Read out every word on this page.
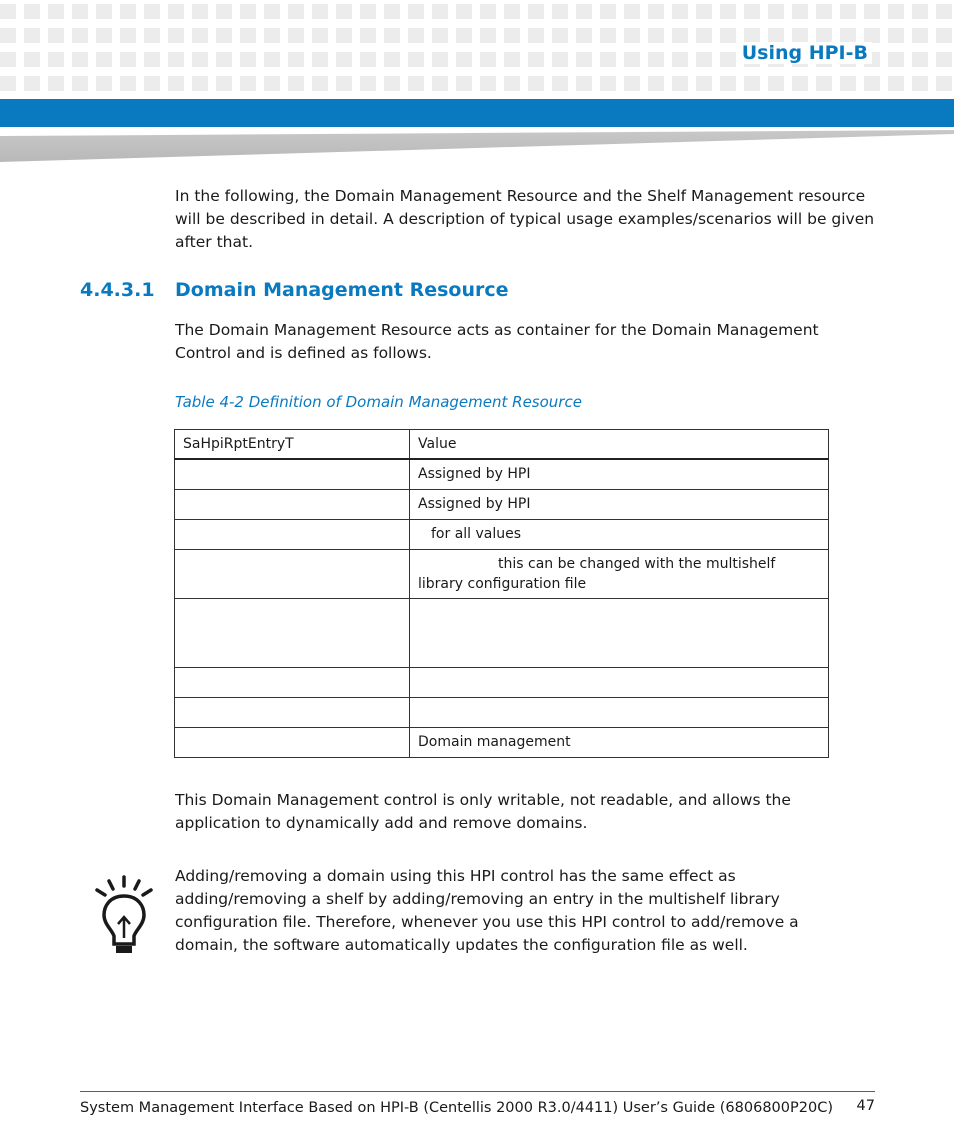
Using HPI-B

In the following, the Domain Management Resource and the Shelf Management resource will be described in detail. A description of typical usage examples/scenarios will be given after that.

4.4.3.1 Domain Management Resource

The Domain Management Resource acts as container for the Domain Management Control and is defined as follows.

Table 4-2 Definition of Domain Management Resource

SaHpiRptEntryT	Value
	Assigned by HPI
	Assigned by HPI
	for all values
	this can be changed with the multishelf library configuration file

	Domain management

This Domain Management control is only writable, not readable, and allows the application to dynamically add and remove domains.

Adding/removing a domain using this HPI control has the same effect as adding/removing a shelf by adding/removing an entry in the multishelf library configuration file. Therefore, whenever you use this HPI control to add/remove a domain, the software automatically updates the configuration file as well.

System Management Interface Based on HPI-B (Centellis 2000 R3.0/4411) User’s Guide (6806800P20C) 47
